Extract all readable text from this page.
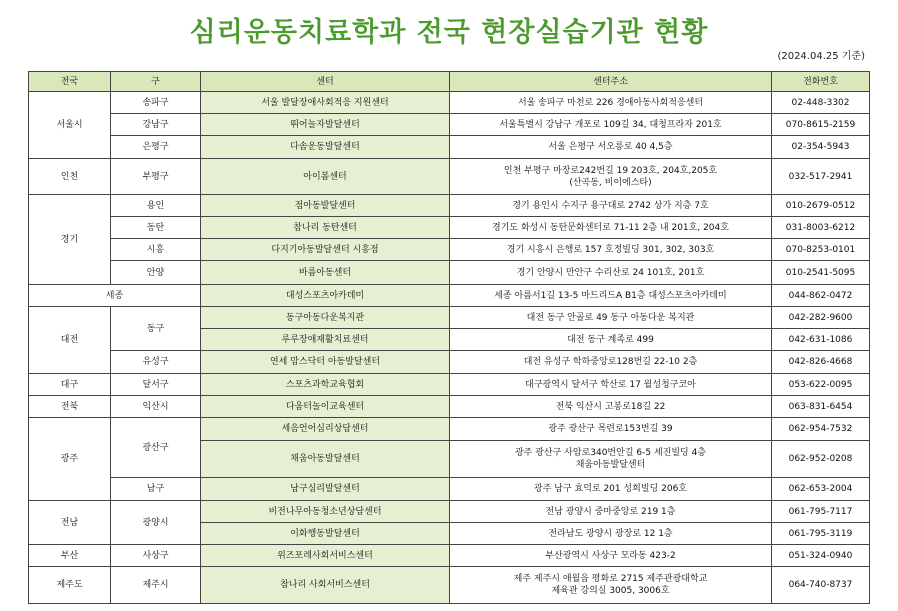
심리운동치료학과 전국 현장실습기관 현황
(2024.04.25 기준)
전국	구	센터	센터주소	전화번호
서울시	송파구	서울 발달장애사회적응 지원센터	서울 송파구 마천로 226 경애아동사회적응센터	02-448-3302
	강남구	뛰어놀자발달센터	서울특별시 강남구 개포로 109길 34, 대청프라자 201호	070-8615-2159
	은평구	다솜운동발달센터	서울 은평구 서오릉로 40 4,5층	02-354-5943
인천	부평구	아이봄센터	인천 부평구 마장로242번길 19 203호, 204호,205호
(산곡동, 비이에스타)	032-517-2941
경기	용인	점아동발달센터	경기 용인시 수지구 용구대로 2742 상가 지층 7호	010-2679-0512
	동탄	참나리 동탄센터	경기도 화성시 동탄문화센터로 71-11 2층 내 201호, 204호	031-8003-6212
	시흥	다지기아동발달센터 시흥점	경기 시흥시 은행로 157 호정빌딩 301, 302, 303호	070-8253-0101
	안양	바름아동센터	경기 안양시 만안구 수리산로 24 101호, 201호	010-2541-5095
세종		대성스포츠아카데미	세종 아름서1길 13-5 마드리드A B1층 대성스포츠아카데미	044-862-0472
대전	동구	동구아동다운복지관	대전 동구 안골로 49 동구 아동다운 복지관	042-282-9600
		루루장애재활치료센터	대전 동구 계족로 499	042-631-1086
	유성구	연세 맘스닥터 아동발달센터	대전 유성구 학하중앙로128번길 22-10 2층	042-826-4668
대구	달서구	스포츠과학교육협회	대구광역시 달서구 학산로 17 월성청구코아	053-622-0095
전북	익산시	다움터놀이교육센터	전북 익산시 고봉로18길 22	063-831-6454
광주	광산구	세음언어심리상담센터	광주 광산구 목련로153번길 39	062-954-7532
		채움아동발달센터	광주 광산구 사암로340번안길 6-5 세진빌딩 4층
채움아동발달센터	062-952-0208
	남구	남구심리발달센터	광주 남구 효덕로 201 성희빌딩 206호	062-653-2004
전남	광양시	비전나무아동청소년상담센터	전남 광양시 중마중앙로 219 1층	061-795-7117
		이화행동발달센터	전라남도 광양시 광장로 12 1층	061-795-3119
부산	사상구	위즈포레사회서비스센터	부산광역시 사상구 모라동 423-2	051-324-0940
제주도	제주시	참나리 사회서비스센터	제주 제주시 애월읍 평화로 2715 제주관광대학교
제육관 강의실 3005, 3006호	064-740-8737
